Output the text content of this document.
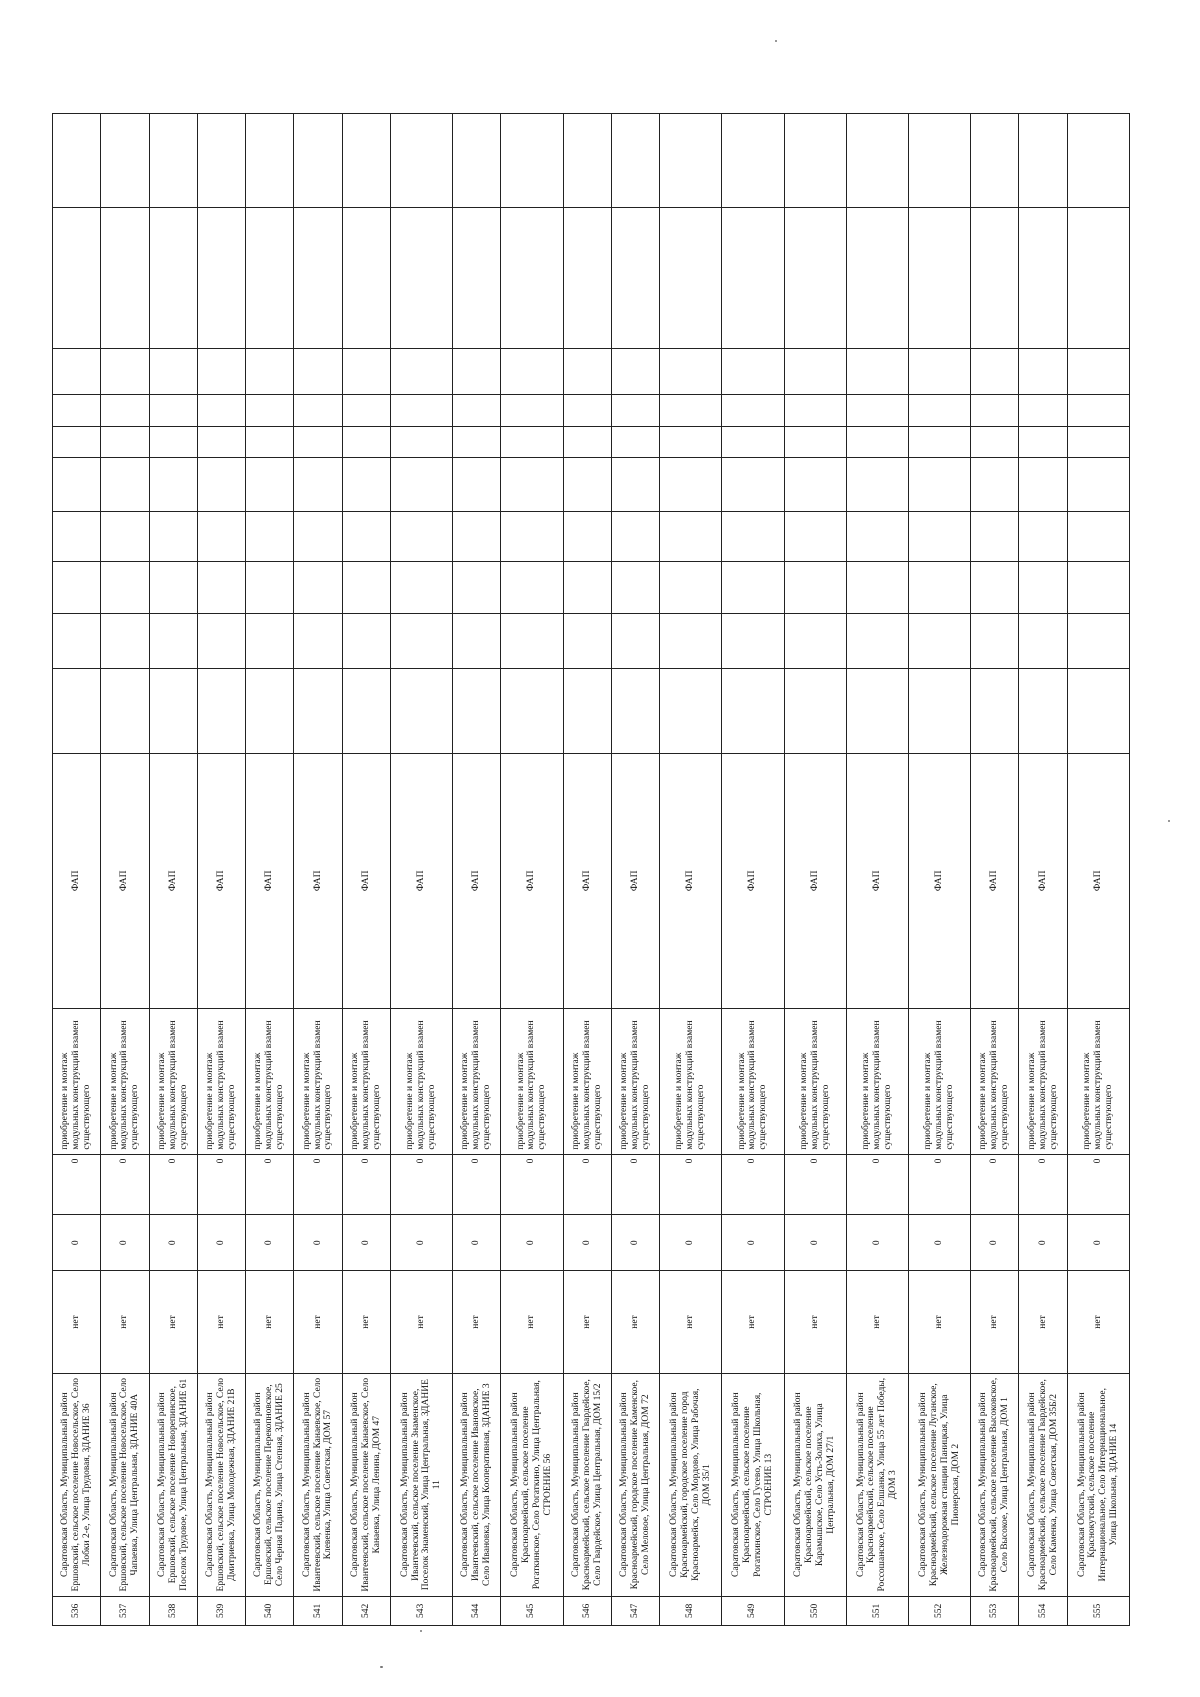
536	Саратовская Область, Муниципальный район Ершовский, сельское поселение Новосельское, Село Лобки 2-е, Улица Трудовая, ЗДАНИЕ 36	нет	0	0	приобретение и монтаж модульных конструкций взамен существующего	ФАП										
537	Саратовская Область, Муниципальный район Ершовский, сельское поселение Новосельское, Село Чапаевка, Улица Центральная, ЗДАНИЕ 40А	нет	0	0	приобретение и монтаж модульных конструкций взамен существующего	ФАП										
538	Саратовская Область, Муниципальный район Ершовский, сельское поселение Новорепинское, Поселок Трудовое, Улица Центральная, ЗДАНИЕ 61	нет	0	0	приобретение и монтаж модульных конструкций взамен существующего	ФАП										
539	Саратовская Область, Муниципальный район Ершовский, сельское поселение Новосельское, Село Дмитриевка, Улица Молодежная, ЗДАНИЕ 21В	нет	0	0	приобретение и монтаж модульных конструкций взамен существующего	ФАП										
540	Саратовская Область, Муниципальный район Ершовский, сельское поселение Перекопновское, Село Черная Падина, Улица Степная, ЗДАНИЕ 25	нет	0	0	приобретение и монтаж модульных конструкций взамен существующего	ФАП										
541	Саратовская Область, Муниципальный район Ивантеевский, сельское поселение Канаевское, Село Клевенка, Улица Советская, ДОМ 57	нет	0	0	приобретение и монтаж модульных конструкций взамен существующего	ФАП										
542	Саратовская Область, Муниципальный район Ивантеевский, сельское поселение Канаевское, Село Канаевка, Улица Ленина, ДОМ 47	нет	0	0	приобретение и монтаж модульных конструкций взамен существующего	ФАП										
543	Саратовская Область, Муниципальный район Ивантеевский, сельское поселение Знаменское, Поселок Знаменский, Улица Центральная, ЗДАНИЕ 11	нет	0	0	приобретение и монтаж модульных конструкций взамен существующего	ФАП										
544	Саратовская Область, Муниципальный район Ивантеевский, сельское поселение Ивановское, Село Ивановка, Улица Кооперативная, ЗДАНИЕ 3	нет	0	0	приобретение и монтаж модульных конструкций взамен существующего	ФАП										
545	Саратовская Область, Муниципальный район Красноармейский, сельское поселение Рогаткинское, Село Рогаткино, Улица Центральная, СТРОЕНИЕ 56	нет	0	0	приобретение и монтаж модульных конструкций взамен существующего	ФАП										
546	Саратовская Область, Муниципальный район Красноармейский, сельское поселение Гвардейское, Село Гвардейское, Улица Центральная, ДОМ 15/2	нет	0	0	приобретение и монтаж модульных конструкций взамен существующего	ФАП										
547	Саратовская Область, Муниципальный район Красноармейский, городское поселение Каменское, Село Меловое, Улица Центральная, ДОМ 72	нет	0	0	приобретение и монтаж модульных конструкций взамен существующего	ФАП										
548	Саратовская Область, Муниципальный район Красноармейский, городское поселение город Красноармейск, Село Мордово, Улица Рабочая, ДОМ 35/1	нет	0	0	приобретение и монтаж модульных конструкций взамен существующего	ФАП										
549	Саратовская Область, Муниципальный район Красноармейский, сельское поселение Рогаткинское, Село Гусево, Улица Школьная, СТРОЕНИЕ 13	нет	0	0	приобретение и монтаж модульных конструкций взамен существующего	ФАП										
550	Саратовская Область, Муниципальный район Красноармейский, сельское поселение Карамышское, Село Усть-Золиха, Улица Центральная, ДОМ 27/1	нет	0	0	приобретение и монтаж модульных конструкций взамен существующего	ФАП										
551	Саратовская Область, Муниципальный район Красноармейский, сельское поселение Россошанское, Село Елшанка, Улица 55 лет Победы, ДОМ 3	нет	0	0	приобретение и монтаж модульных конструкций взамен существующего	ФАП										
552	Саратовская Область, Муниципальный район Красноармейский, сельское поселение Луганское, Железнодорожная станции Паницкая, Улица Пионерская, ДОМ 2	нет	0	0	приобретение и монтаж модульных конструкций взамен существующего	ФАП										
553	Саратовская Область, Муниципальный район Красноармейский, сельское поселение Высоковское, Село Высокое, Улица Центральная, ДОМ 1	нет	0	0	приобретение и монтаж модульных конструкций взамен существующего	ФАП										
554	Саратовская Область, Муниципальный район Красноармейский, сельское поселение Гвардейское, Село Каменка, Улица Советская, ДОМ 35Б/2	нет	0	0	приобретение и монтаж модульных конструкций взамен существующего	ФАП										
555	Саратовская Область, Муниципальный район Краснокутский, сельское поселение Интернациональное, Село Интернациональное, Улица Школьная, ЗДАНИЕ 14	нет	0	0	приобретение и монтаж модульных конструкций взамен существующего	ФАП										
